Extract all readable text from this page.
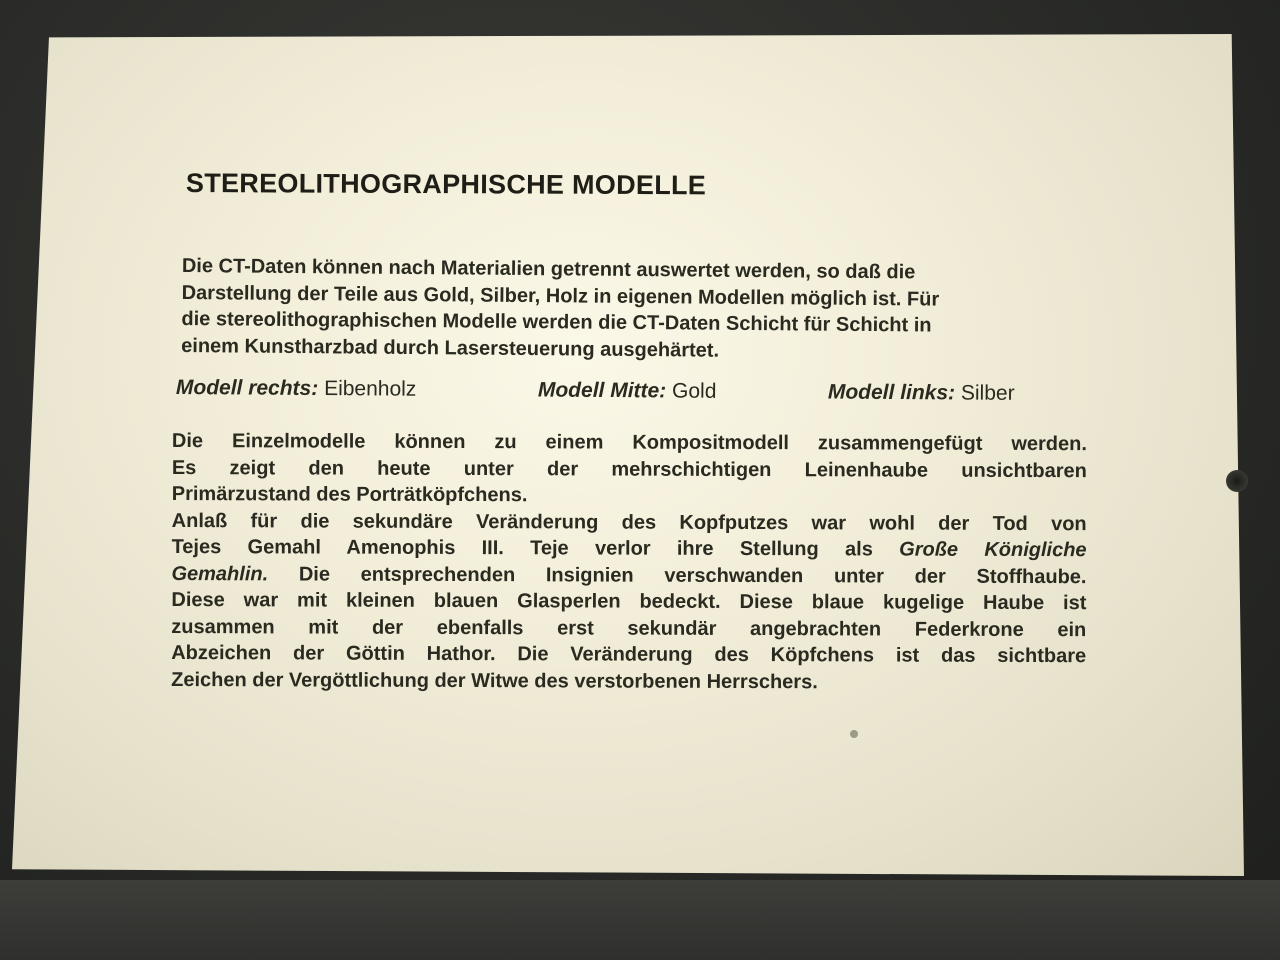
STEREOLITHOGRAPHISCHE MODELLE

Die CT-Daten können nach Materialien getrennt auswertet werden, so daß die
Darstellung der Teile aus Gold, Silber, Holz in eigenen Modellen möglich ist. Für
die stereolithographischen Modelle werden die CT-Daten Schicht für Schicht in
einem Kunstharzbad durch Lasersteuerung ausgehärtet.

Modell rechts: Eibenholz	Modell Mitte: Gold	Modell links: Silber

Die Einzelmodelle können zu einem Kompositmodell zusammengefügt werden.
Es zeigt den heute unter der mehrschichtigen Leinenhaube unsichtbaren
Primärzustand des Porträtköpfchens.
Anlaß für die sekundäre Veränderung des Kopfputzes war wohl der Tod von
Tejes Gemahl Amenophis III. Teje verlor ihre Stellung als Große Königliche
Gemahlin. Die entsprechenden Insignien verschwanden unter der Stoffhaube.
Diese war mit kleinen blauen Glasperlen bedeckt. Diese blaue kugelige Haube ist
zusammen mit der ebenfalls erst sekundär angebrachten Federkrone ein
Abzeichen der Göttin Hathor. Die Veränderung des Köpfchens ist das sichtbare
Zeichen der Vergöttlichung der Witwe des verstorbenen Herrschers.
